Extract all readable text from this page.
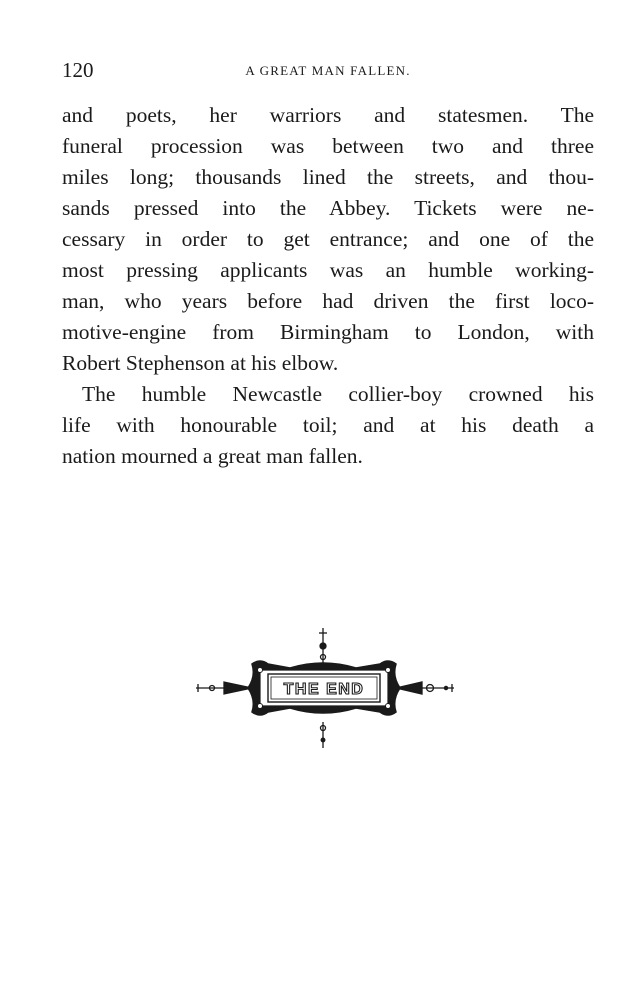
120	A GREAT MAN FALLEN.
and poets, her warriors and statesmen. The
funeral procession was between two and three
miles long; thousands lined the streets, and thou-
sands pressed into the Abbey. Tickets were ne-
cessary in order to get entrance; and one of the
most pressing applicants was an humble working-
man, who years before had driven the first loco-
motive-engine from Birmingham to London, with
Robert Stephenson at his elbow.
The humble Newcastle collier-boy crowned his
life with honourable toil; and at his death a
nation mourned a great man fallen.
THE END
